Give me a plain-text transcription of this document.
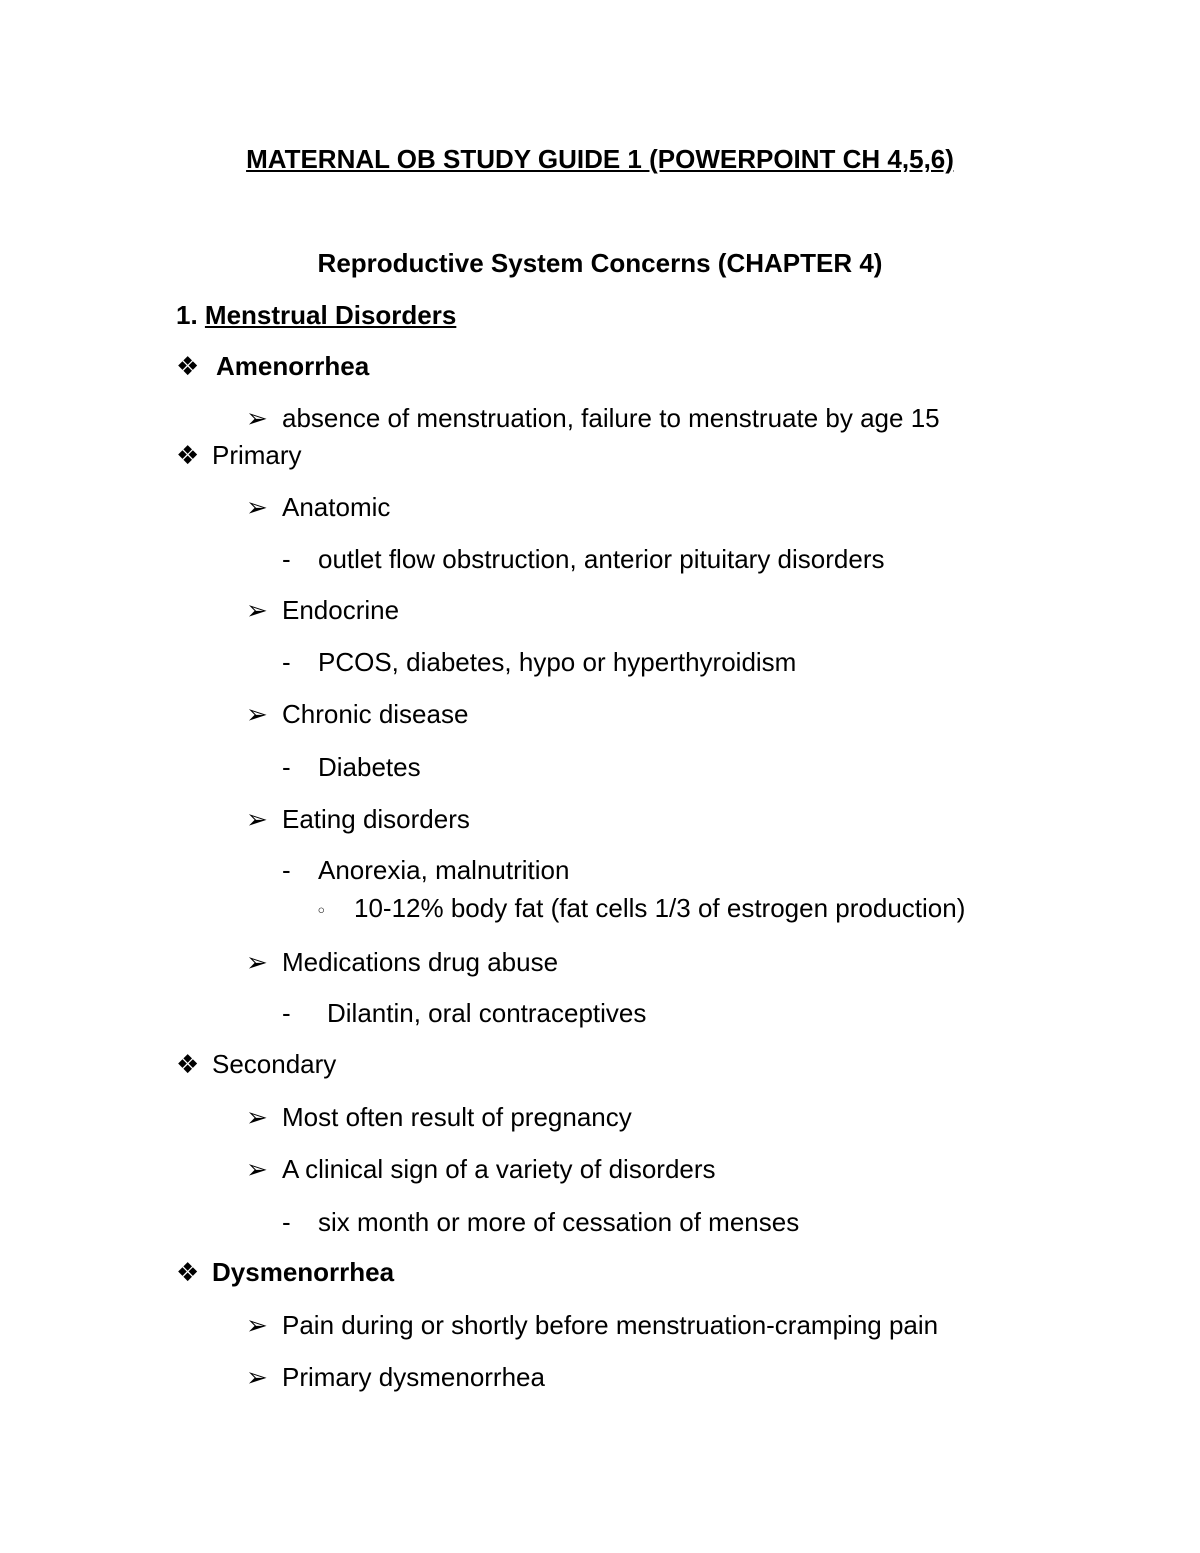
MATERNAL OB STUDY GUIDE 1 (POWERPOINT CH 4,5,6)
Reproductive System Concerns (CHAPTER 4)
1. Menstrual Disorders
❖ Amenorrhea
➢ absence of menstruation, failure to menstruate by age 15
❖ Primary
➢ Anatomic
- outlet flow obstruction, anterior pituitary disorders
➢ Endocrine
- PCOS, diabetes, hypo or hyperthyroidism
➢ Chronic disease
- Diabetes
➢ Eating disorders
- Anorexia, malnutrition
◦ 10-12% body fat (fat cells 1/3 of estrogen production)
➢ Medications drug abuse
- Dilantin, oral contraceptives
❖ Secondary
➢ Most often result of pregnancy
➢ A clinical sign of a variety of disorders
- six month or more of cessation of menses
❖ Dysmenorrhea
➢ Pain during or shortly before menstruation-cramping pain
➢ Primary dysmenorrhea
